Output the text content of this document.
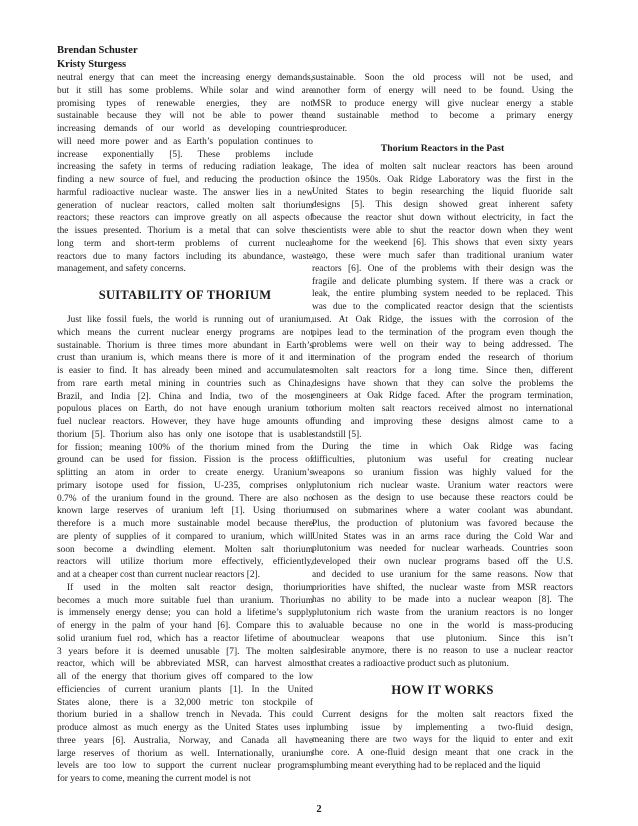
Brendan Schuster
Kristy Sturgess
neutral energy that can meet the increasing energy demands,
but it still has some problems. While solar and wind are
promising types of renewable energies, they are not
sustainable because they will not be able to power the
increasing demands of our world as developing countries
will need more power and as Earth’s population continues to
increase exponentially [5]. These problems include
increasing the safety in terms of reducing radiation leakage,
finding a new source of fuel, and reducing the production of
harmful radioactive nuclear waste. The answer lies in a new
generation of nuclear reactors, called molten salt thorium
reactors; these reactors can improve greatly on all aspects of
the issues presented. Thorium is a metal that can solve the
long term and short-term problems of current nuclear
reactors due to many factors including its abundance, waste
management, and safety concerns.
SUITABILITY OF THORIUM
Just like fossil fuels, the world is running out of uranium,
which means the current nuclear energy programs are not
sustainable. Thorium is three times more abundant in Earth’s
crust than uranium is, which means there is more of it and it
is easier to find. It has already been mined and accumulates
from rare earth metal mining in countries such as China,
Brazil, and India [2]. China and India, two of the most
populous places on Earth, do not have enough uranium to
fuel nuclear reactors. However, they have huge amounts of
thorium [5]. Thorium also has only one isotope that is usable
for fission; meaning 100% of the thorium mined from the
ground can be used for fission. Fission is the process of
splitting an atom in order to create energy. Uranium’s
primary isotope used for fission, U-235, comprises only
0.7% of the uranium found in the ground. There are also no
known large reserves of uranium left [1]. Using thorium
therefore is a much more sustainable model because there
are plenty of supplies of it compared to uranium, which will
soon become a dwindling element. Molten salt thorium
reactors will utilize thorium more effectively, efficiently,
and at a cheaper cost than current nuclear reactors [2].
If used in the molten salt reactor design, thorium
becomes a much more suitable fuel than uranium. Thorium
is immensely energy dense; you can hold a lifetime’s supply
of energy in the palm of your hand [6]. Compare this to a
solid uranium fuel rod, which has a reactor lifetime of about
3 years before it is deemed unusable [7]. The molten salt
reactor, which will be abbreviated MSR, can harvest almost
all of the energy that thorium gives off compared to the low
efficiencies of current uranium plants [1]. In the United
States alone, there is a 32,000 metric ton stockpile of
thorium buried in a shallow trench in Nevada. This could
produce almost as much energy as the United States uses in
three years [6]. Australia, Norway, and Canada all have
large reserves of thorium as well. Internationally, uranium
levels are too low to support the current nuclear programs
for years to come, meaning the current model is not
sustainable. Soon the old process will not be used, and
another form of energy will need to be found. Using the
MSR to produce energy will give nuclear energy a stable
and sustainable method to become a primary energy
producer.
Thorium Reactors in the Past
The idea of molten salt nuclear reactors has been around
since the 1950s. Oak Ridge Laboratory was the first in the
United States to begin researching the liquid fluoride salt
designs [5]. This design showed great inherent safety
because the reactor shut down without electricity, in fact the
scientists were able to shut the reactor down when they went
home for the weekend [6]. This shows that even sixty years
ago, these were much safer than traditional uranium water
reactors [6]. One of the problems with their design was the
fragile and delicate plumbing system. If there was a crack or
leak, the entire plumbing system needed to be replaced. This
was due to the complicated reactor design that the scientists
used. At Oak Ridge, the issues with the corrosion of the
pipes lead to the termination of the program even though the
problems were well on their way to being addressed. The
termination of the program ended the research of thorium
molten salt reactors for a long time. Since then, different
designs have shown that they can solve the problems the
engineers at Oak Ridge faced. After the program termination,
thorium molten salt reactors received almost no international
funding and improving these designs almost came to a
standstill [5].
During the time in which Oak Ridge was facing
difficulties, plutonium was useful for creating nuclear
weapons so uranium fission was highly valued for the
plutonium rich nuclear waste. Uranium water reactors were
chosen as the design to use because these reactors could be
used on submarines where a water coolant was abundant.
Plus, the production of plutonium was favored because the
United States was in an arms race during the Cold War and
plutonium was needed for nuclear warheads. Countries soon
developed their own nuclear programs based off the U.S.
and decided to use uranium for the same reasons. Now that
priorities have shifted, the nuclear waste from MSR reactors
has no ability to be made into a nuclear weapon [8]. The
plutonium rich waste from the uranium reactors is no longer
valuable because no one in the world is mass-producing
nuclear weapons that use plutonium. Since this isn’t
desirable anymore, there is no reason to use a nuclear reactor
that creates a radioactive product such as plutonium.
HOW IT WORKS
Current designs for the molten salt reactors fixed the
plumbing issue by implementing a two-fluid design,
meaning there are two ways for the liquid to enter and exit
the core. A one-fluid design meant that one crack in the
plumbing meant everything had to be replaced and the liquid
2
